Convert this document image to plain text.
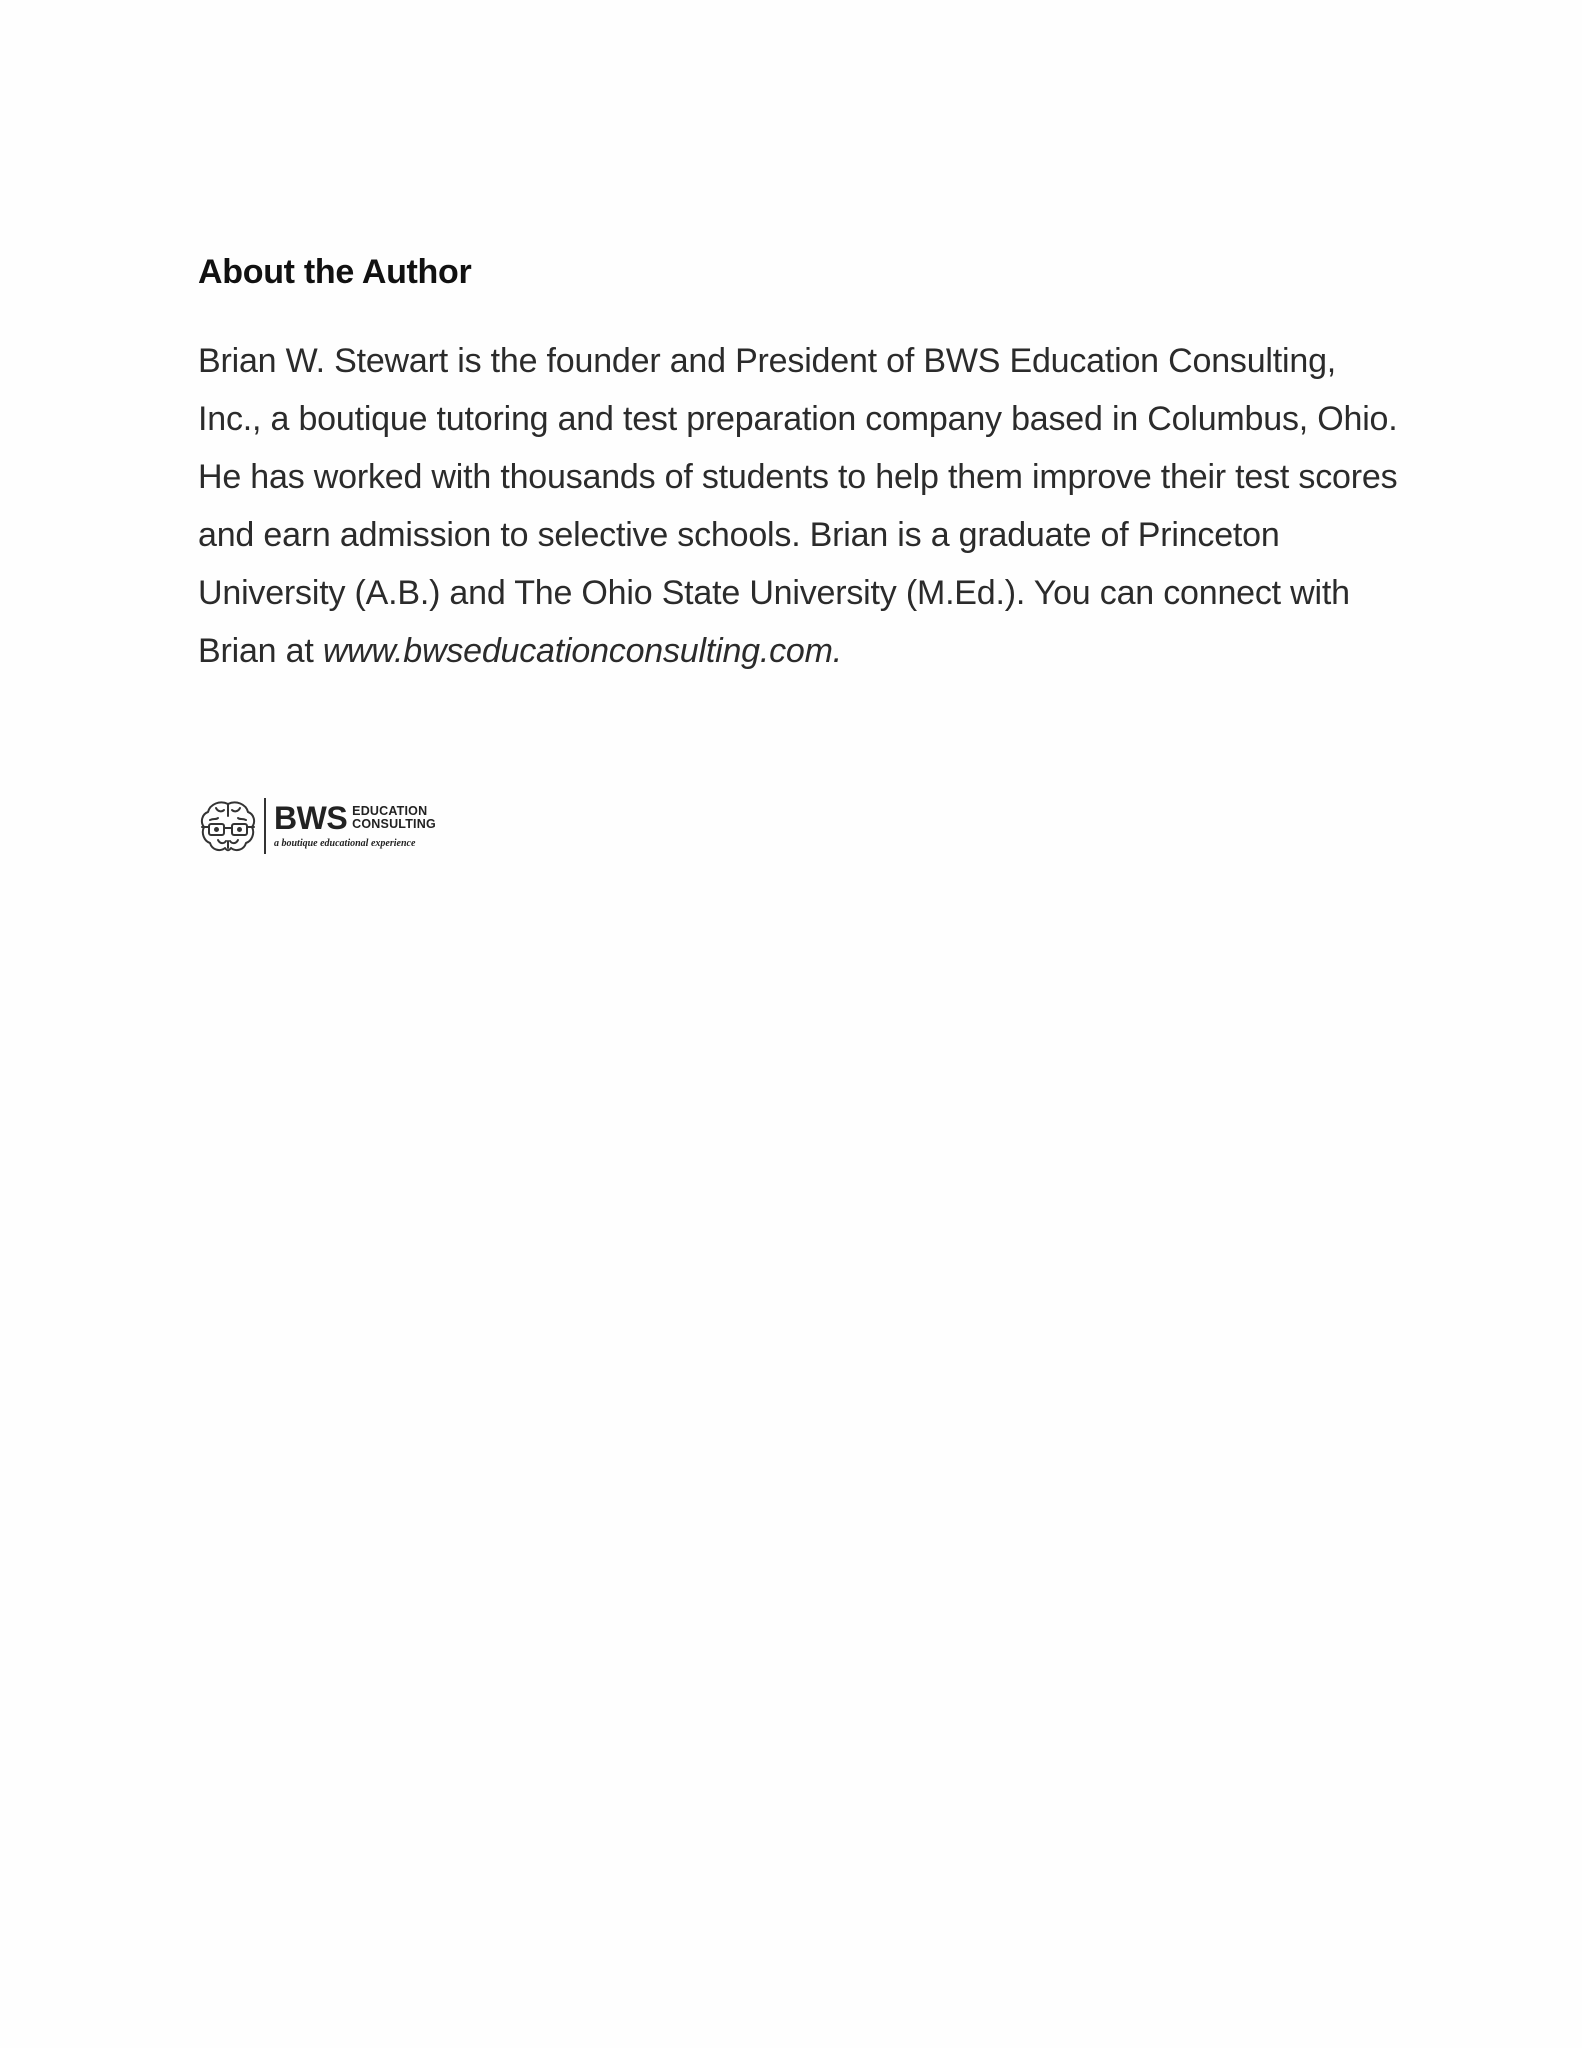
About the Author

Brian W. Stewart is the founder and President of BWS Education Consulting, Inc., a boutique tutoring and test preparation company based in Columbus, Ohio. He has worked with thousands of students to help them improve their test scores and earn admission to selective schools. Brian is a graduate of Princeton University (A.B.) and The Ohio State University (M.Ed.). You can connect with Brian at www.bwseducationconsulting.com.

BWS EDUCATION
CONSULTING
a boutique educational experience
